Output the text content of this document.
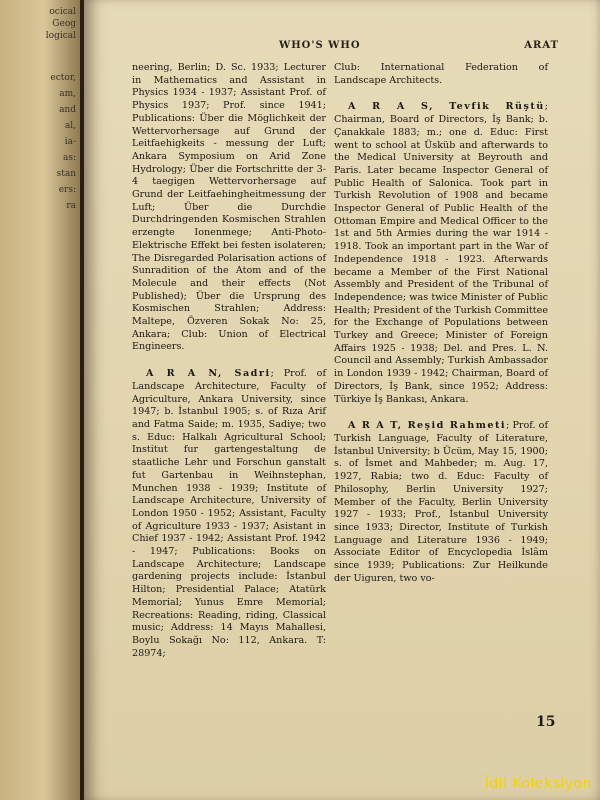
ocical
Geog
logical
ector,
am,
and
al,
ia-
as:
stan
ers:
ra
WHO'S WHO	ARAT

neering, Berlin; D. Sc. 1933; Lecturer in Mathematics and Assistant in Physics 1934 - 1937; Assistant Prof. of Physics 1937; Prof. since 1941; Publications: Über die Möglichkeit der Wettervorhersage auf Grund der Leitfaehigkeits - messung der Luft; Ankara Symposium on Arid Zone Hydrology; Über die Fortschritte der 3-4 taegigen Wettervorhersage auf Grund der Leitfaehingheitmessung der Luft; Über die Durchdie Durchdringenden Kosmischen Strahlen erzengte Ionenmege; Anti-Photo-Elektrische Effekt bei festen isolateren; The Disregarded Polarisation actions of Sunradition of the Atom and of the Molecule and their effects (Not Published); Über die Ursprung des Kosmischen Strahlen; Address: Maltepe, Özveren Sokak No: 25, Ankara; Club: Union of Electrical Engineers.

A R A N, Sadri; Prof. of Landscape Architecture, Faculty of Agriculture, Ankara University, since 1947; b. İstanbul 1905; s. of Rıza Arif and Fatma Saide; m. 1935, Sadiye; two s. Educ: Halkalı Agricultural School; Institut fur gartengestaltung de staatliche Lehr und Forschun ganstalt fut Gartenbau in Weihnstephan, Munchen 1938 - 1939; Institute of Landscape Architecture, University of London 1950 - 1952; Assistant, Faculty of Agriculture 1933 - 1937; Asistant in Chief 1937 - 1942; Assistant Prof. 1942 - 1947; Publications: Books on Landscape Architecture; Landscape gardening projects include: İstanbul Hilton; Presidential Palace; Atatürk Memorial; Yunus Emre Memorial; Recreations: Reading, riding, Classical music; Address: 14 Mayıs Mahallesi, Boylu Sokağı No: 112, Ankara. T: 28974;

Club: International Federation of Landscape Architects.

A R A S, Tevfik Rüştü; Chairman, Board of Directors, İş Bank; b. Çanakkale 1883; m.; one d. Educ: First went to school at Üsküb and afterwards to the Medical University at Beyrouth and Paris. Later became Inspector General of Public Health of Salonica. Took part in Turkish Revolution of 1908 and became Inspector General of Public Health of the Ottoman Empire and Medical Officer to the 1st and 5th Armies during the war 1914 - 1918. Took an important part in the War of Independence 1918 - 1923. Afterwards became a Member of the First National Assembly and President of the Tribunal of Independence; was twice Minister of Public Health; President of the Turkish Committee for the Exchange of Populations between Turkey and Greece; Minister of Foreign Affairs 1925 - 1938; Del. and Pres. L. N. Council and Assembly; Turkish Ambassador in London 1939 - 1942; Chairman, Board of Directors, İş Bank, since 1952; Address: Türkiye İş Bankası, Ankara.

A R A T, Reşid Rahmeti; Prof. of Turkish Language, Faculty of Literature, İstanbul University; b Ücüm, May 15, 1900; s. of İsmet and Mahbeder; m. Aug. 17, 1927, Rabia; two d. Educ: Faculty of Philosophy, Berlin University 1927; Member of the Faculty, Berlin University 1927 - 1933; Prof., İstanbul University since 1933; Director, Institute of Turkish Language and Literature 1936 - 1949; Associate Editor of Encyclopedia İslâm since 1939; Publications: Zur Heilkunde der Uiguren, two vo-

15
İdil Koleksiyon
